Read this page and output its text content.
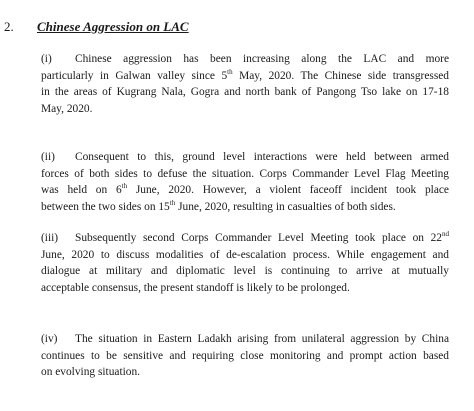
2. Chinese Aggression on LAC
(i) Chinese aggression has been increasing along the LAC and more
particularly in Galwan valley since 5th May, 2020. The Chinese side transgressed
in the areas of Kugrang Nala, Gogra and north bank of Pangong Tso lake on 17-18
May, 2020.
(ii) Consequent to this, ground level interactions were held between armed
forces of both sides to defuse the situation. Corps Commander Level Flag Meeting
was held on 6th June, 2020. However, a violent faceoff incident took place
between the two sides on 15th June, 2020, resulting in casualties of both sides.
(iii) Subsequently second Corps Commander Level Meeting took place on 22nd
June, 2020 to discuss modalities of de-escalation process. While engagement and
dialogue at military and diplomatic level is continuing to arrive at mutually
acceptable consensus, the present standoff is likely to be prolonged.
(iv) The situation in Eastern Ladakh arising from unilateral aggression by China
continues to be sensitive and requiring close monitoring and prompt action based
on evolving situation.
